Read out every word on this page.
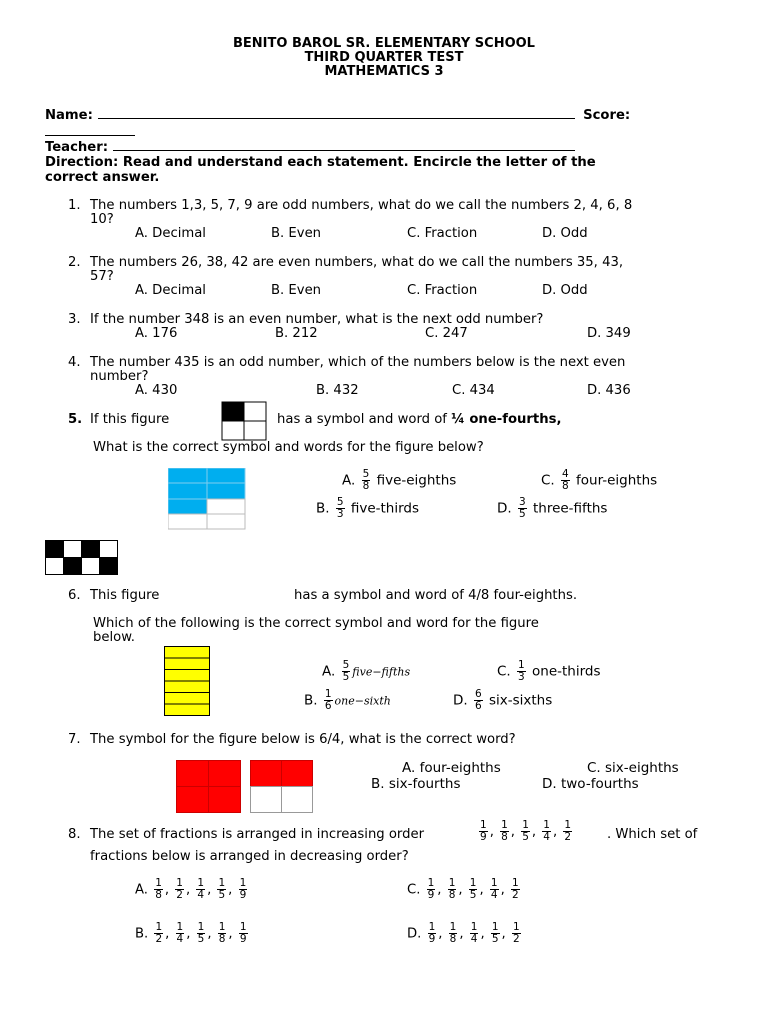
BENITO BAROL SR. ELEMENTARY SCHOOL
THIRD QUARTER TEST
MATHEMATICS 3
Name:	Score:
Teacher:
Direction: Read and understand each statement. Encircle the letter of the
correct answer.
1. The numbers 1,3, 5, 7, 9 are odd numbers, what do we call the numbers 2, 4, 6, 8
10?
A. Decimal	B. Even	C. Fraction	D. Odd
2. The numbers 26, 38, 42 are even numbers, what do we call the numbers 35, 43,
57?
A. Decimal	B. Even	C. Fraction	D. Odd
3. If the number 348 is an even number, what is the next odd number?
A. 176	B. 212	C. 247	D. 349
4. The number 435 is an odd number, which of the numbers below is the next even
number?
A. 430	B. 432	C. 434	D. 436
5. If this figure	has a symbol and word of ¼ one-fourths,
What is the correct symbol and words for the figure below?
A. $\frac{5}{8}$ five-eighths	C. $\frac{4}{8}$ four-eighths
B. $\frac{5}{3}$ five-thirds	D. $\frac{3}{5}$ three-fifths
6. This figure	has a symbol and word of 4/8 four-eighths.
Which of the following is the correct symbol and word for the figure
below.
A. $\frac{5}{5}$ five−fifths	C. $\frac{1}{3}$ one-thirds
B. $\frac{1}{6}$ one−sixth	D. $\frac{6}{6}$ six-sixths
7. The symbol for the figure below is 6/4, what is the correct word?
A. four-eighths	C. six-eighths
B. six-fourths	D. two-fourths
8. The set of fractions is arranged in increasing order	$\frac{1}{9}$ , $\frac{1}{8}$ , $\frac{1}{5}$ , $\frac{1}{4}$ , $\frac{1}{2}$	. Which set of
fractions below is arranged in decreasing order?
A. $\frac{1}{8}$ , $\frac{1}{2}$ , $\frac{1}{4}$ , $\frac{1}{5}$ , $\frac{1}{9}$	C. $\frac{1}{9}$ , $\frac{1}{8}$ , $\frac{1}{5}$ , $\frac{1}{4}$ , $\frac{1}{2}$
B. $\frac{1}{2}$ , $\frac{1}{4}$ , $\frac{1}{5}$ , $\frac{1}{8}$ , $\frac{1}{9}$	D. $\frac{1}{9}$ , $\frac{1}{8}$ , $\frac{1}{4}$ , $\frac{1}{5}$ , $\frac{1}{2}$
